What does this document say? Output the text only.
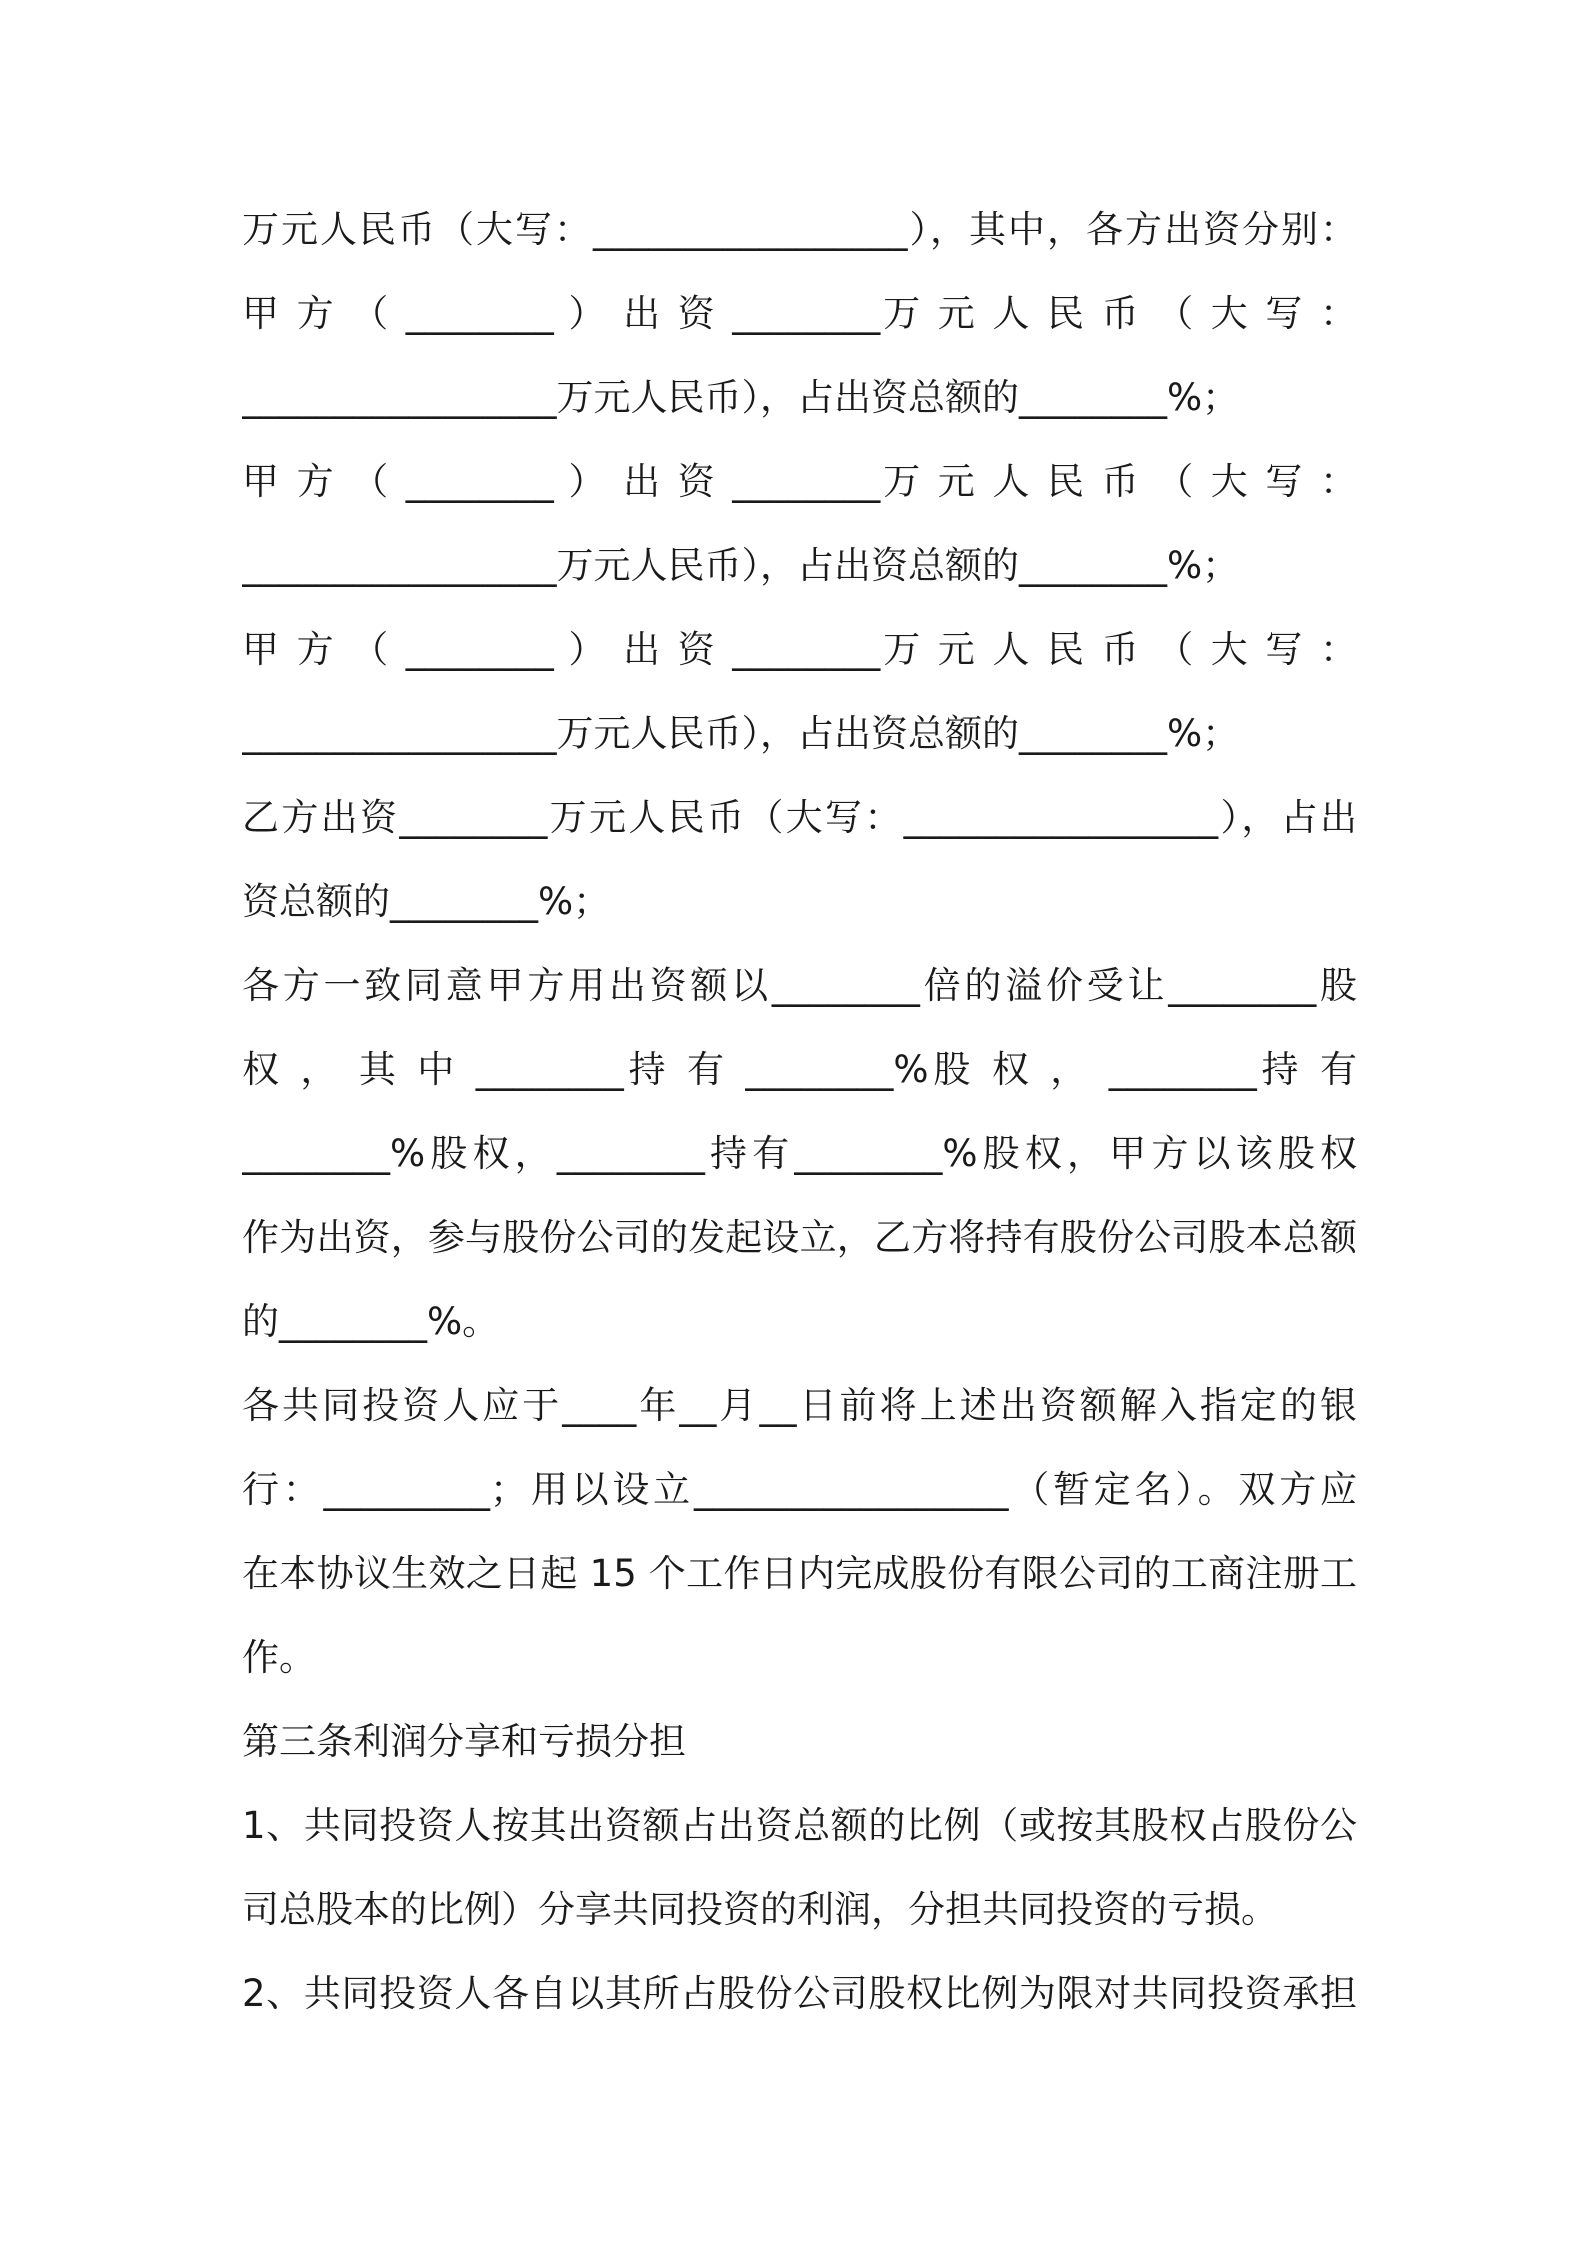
万元人民币（大写：_________________），其中，各方出资分别：
甲 方 （ ________ ） 出 资 ________万 元 人 民 币 （ 大 写 ：
_________________万元人民币），占出资总额的________%；
甲 方 （ ________ ） 出 资 ________万 元 人 民 币 （ 大 写 ：
_________________万元人民币），占出资总额的________%；
甲 方 （ ________ ） 出 资 ________万 元 人 民 币 （ 大 写 ：
_________________万元人民币），占出资总额的________%；
乙方出资________万元人民币（大写：_________________），占出
资总额的________%；
各方一致同意甲方用出资额以________倍的溢价受让________股
权 ， 其 中 ________持 有 ________%股 权 ， ________持 有
________%股权，________持有________%股权，甲方以该股权
作为出资，参与股份公司的发起设立，乙方将持有股份公司股本总额
的________%。
各共同投资人应于____年__月__日前将上述出资额解入指定的银
行：_________；用以设立_________________（暂定名）。双方应
在本协议生效之日起 15 个工作日内完成股份有限公司的工商注册工
作。
第三条利润分享和亏损分担
1、共同投资人按其出资额占出资总额的比例（或按其股权占股份公
司总股本的比例）分享共同投资的利润，分担共同投资的亏损。
2、共同投资人各自以其所占股份公司股权比例为限对共同投资承担
